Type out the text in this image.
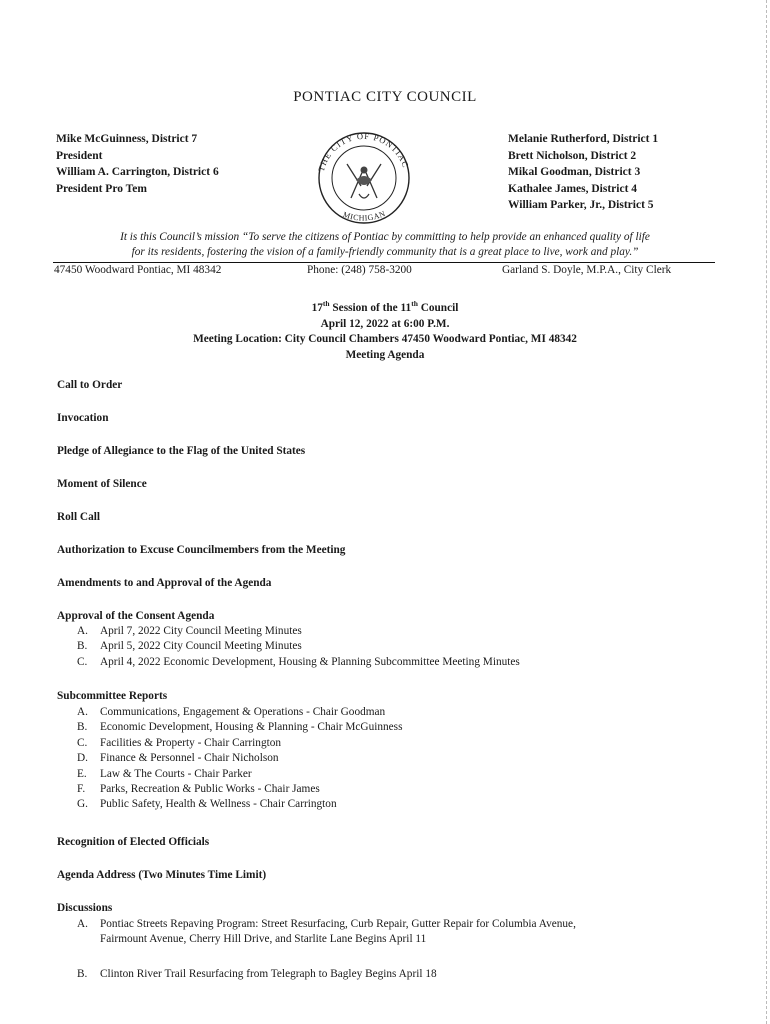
PONTIAC CITY COUNCIL
Mike McGuinness, District 7
President
William A. Carrington, District 6
President Pro Tem
THE CITY OF PONTIAC
MICHIGAN
Melanie Rutherford, District 1
Brett Nicholson, District 2
Mikal Goodman, District 3
Kathalee James, District 4
William Parker, Jr., District 5
It is this Council’s mission “To serve the citizens of Pontiac by committing to help provide an enhanced quality of life
for its residents, fostering the vision of a family-friendly community that is a great place to live, work and play.”
47450 Woodward Pontiac, MI 48342	Phone: (248) 758-3200	Garland S. Doyle, M.P.A., City Clerk
17th Session of the 11th Council
April 12, 2022 at 6:00 P.M.
Meeting Location: City Council Chambers 47450 Woodward Pontiac, MI 48342
Meeting Agenda
Call to Order
Invocation
Pledge of Allegiance to the Flag of the United States
Moment of Silence
Roll Call
Authorization to Excuse Councilmembers from the Meeting
Amendments to and Approval of the Agenda
Approval of the Consent Agenda
A. April 7, 2022 City Council Meeting Minutes
B. April 5, 2022 City Council Meeting Minutes
C. April 4, 2022 Economic Development, Housing & Planning Subcommittee Meeting Minutes
Subcommittee Reports
A. Communications, Engagement & Operations - Chair Goodman
B. Economic Development, Housing & Planning - Chair McGuinness
C. Facilities & Property - Chair Carrington
D. Finance & Personnel - Chair Nicholson
E. Law & The Courts - Chair Parker
F. Parks, Recreation & Public Works - Chair James
G. Public Safety, Health & Wellness - Chair Carrington
Recognition of Elected Officials
Agenda Address (Two Minutes Time Limit)
Discussions
A. Pontiac Streets Repaving Program: Street Resurfacing, Curb Repair, Gutter Repair for Columbia Avenue,
Fairmount Avenue, Cherry Hill Drive, and Starlite Lane Begins April 11
B. Clinton River Trail Resurfacing from Telegraph to Bagley Begins April 18
